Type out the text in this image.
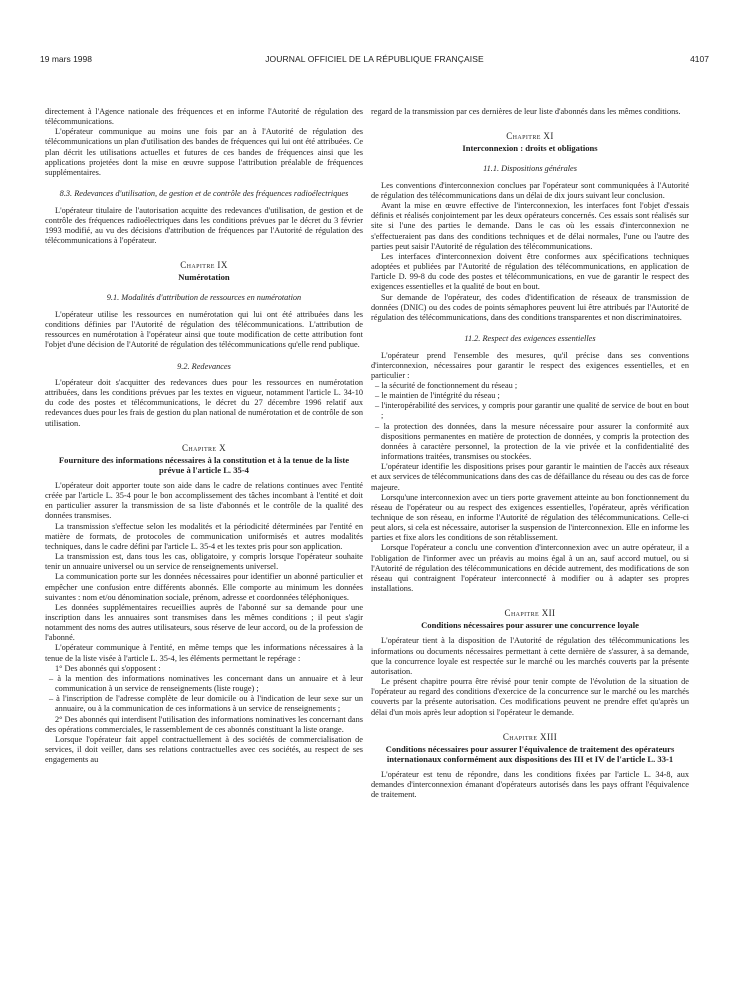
19 mars 1998	JOURNAL OFFICIEL DE LA RÉPUBLIQUE FRANÇAISE	4107

directement à l'Agence nationale des fréquences et en informe l'Autorité de régulation des télécommunications.

L'opérateur communique au moins une fois par an à l'Autorité de régulation des télécommunications un plan d'utilisation des bandes de fréquences qui lui ont été attribuées. Ce plan décrit les utilisations actuelles et futures de ces bandes de fréquences ainsi que les applications projetées dont la mise en œuvre suppose l'attribution préalable de fréquences supplémentaires.

8.3. Redevances d'utilisation, de gestion et de contrôle des fréquences radioélectriques

L'opérateur titulaire de l'autorisation acquitte des redevances d'utilisation, de gestion et de contrôle des fréquences radioélectriques dans les conditions prévues par le décret du 3 février 1993 modifié, au vu des décisions d'attribution de fréquences par l'Autorité de régulation des télécommunications à l'opérateur.

Chapitre IX
Numérotation
9.1. Modalités d'attribution de ressources en numérotation

L'opérateur utilise les ressources en numérotation qui lui ont été attribuées dans les conditions définies par l'Autorité de régulation des télécommunications. L'attribution de ressources en numérotation à l'opérateur ainsi que toute modification de cette attribution font l'objet d'une décision de l'Autorité de régulation des télécommunications qu'elle rend publique.

9.2. Redevances

L'opérateur doit s'acquitter des redevances dues pour les ressources en numérotation attribuées, dans les conditions prévues par les textes en vigueur, notamment l'article L. 34-10 du code des postes et télécommunications, le décret du 27 décembre 1996 relatif aux redevances dues pour les frais de gestion du plan national de numérotation et de contrôle de son utilisation.

Chapitre X
Fourniture des informations nécessaires à la constitution et à la tenue de la liste prévue à l'article L. 35-4

L'opérateur doit apporter toute son aide dans le cadre de relations continues avec l'entité créée par l'article L. 35-4 pour le bon accomplissement des tâches incombant à l'entité et doit en particulier assurer la transmission de sa liste d'abonnés et le contrôle de la qualité des données transmises.

La transmission s'effectue selon les modalités et la périodicité déterminées par l'entité en matière de formats, de protocoles de communication uniformisés et autres modalités techniques, dans le cadre défini par l'article L. 35-4 et les textes pris pour son application.

La transmission est, dans tous les cas, obligatoire, y compris lorsque l'opérateur souhaite tenir un annuaire universel ou un service de renseignements universel.

La communication porte sur les données nécessaires pour identifier un abonné particulier et empêcher une confusion entre différents abonnés. Elle comporte au minimum les données suivantes : nom et/ou dénomination sociale, prénom, adresse et coordonnées téléphoniques.

Les données supplémentaires recueillies auprès de l'abonné sur sa demande pour une inscription dans les annuaires sont transmises dans les mêmes conditions ; il peut s'agir notamment des noms des autres utilisateurs, sous réserve de leur accord, ou de la profession de l'abonné.

L'opérateur communique à l'entité, en même temps que les informations nécessaires à la tenue de la liste visée à l'article L. 35-4, les éléments permettant le repérage :

1° Des abonnés qui s'opposent :

– à la mention des informations nominatives les concernant dans un annuaire et à leur communication à un service de renseignements (liste rouge) ;
– à l'inscription de l'adresse complète de leur domicile ou à l'indication de leur sexe sur un annuaire, ou à la communication de ces informations à un service de renseignements ;

2° Des abonnés qui interdisent l'utilisation des informations nominatives les concernant dans des opérations commerciales, le rassemblement de ces abonnés constituant la liste orange.

Lorsque l'opérateur fait appel contractuellement à des sociétés de commercialisation de services, il doit veiller, dans ses relations contractuelles avec ces sociétés, au respect de ses engagements au

regard de la transmission par ces dernières de leur liste d'abonnés dans les mêmes conditions.

Chapitre XI
Interconnexion : droits et obligations
11.1. Dispositions générales

Les conventions d'interconnexion conclues par l'opérateur sont communiquées à l'Autorité de régulation des télécommunications dans un délai de dix jours suivant leur conclusion.

Avant la mise en œuvre effective de l'interconnexion, les interfaces font l'objet d'essais définis et réalisés conjointement par les deux opérateurs concernés. Ces essais sont réalisés sur site si l'une des parties le demande. Dans le cas où les essais d'interconnexion ne s'effectueraient pas dans des conditions techniques et de délai normales, l'une ou l'autre des parties peut saisir l'Autorité de régulation des télécommunications.

Les interfaces d'interconnexion doivent être conformes aux spécifications techniques adoptées et publiées par l'Autorité de régulation des télécommunications, en application de l'article D. 99-8 du code des postes et télécommunications, en vue de garantir le respect des exigences essentielles et la qualité de bout en bout.

Sur demande de l'opérateur, des codes d'identification de réseaux de transmission de données (DNIC) ou des codes de points sémaphores peuvent lui être attribués par l'Autorité de régulation des télécommunications, dans des conditions transparentes et non discriminatoires.

11.2. Respect des exigences essentielles

L'opérateur prend l'ensemble des mesures, qu'il précise dans ses conventions d'interconnexion, nécessaires pour garantir le respect des exigences essentielles, et en particulier :

– la sécurité de fonctionnement du réseau ;
– le maintien de l'intégrité du réseau ;
– l'interopérabilité des services, y compris pour garantir une qualité de service de bout en bout ;
– la protection des données, dans la mesure nécessaire pour assurer la conformité aux dispositions permanentes en matière de protection de données, y compris la protection des données à caractère personnel, la protection de la vie privée et la confidentialité des informations traitées, transmises ou stockées.

L'opérateur identifie les dispositions prises pour garantir le maintien de l'accès aux réseaux et aux services de télécommunications dans des cas de défaillance du réseau ou des cas de force majeure.

Lorsqu'une interconnexion avec un tiers porte gravement atteinte au bon fonctionnement du réseau de l'opérateur ou au respect des exigences essentielles, l'opérateur, après vérification technique de son réseau, en informe l'Autorité de régulation des télécommunications. Celle-ci peut alors, si cela est nécessaire, autoriser la suspension de l'interconnexion. Elle en informe les parties et fixe alors les conditions de son rétablissement.

Lorsque l'opérateur a conclu une convention d'interconnexion avec un autre opérateur, il a l'obligation de l'informer avec un préavis au moins égal à un an, sauf accord mutuel, ou si l'Autorité de régulation des télécommunications en décide autrement, des modifications de son réseau qui contraignent l'opérateur interconnecté à modifier ou à adapter ses propres installations.

Chapitre XII
Conditions nécessaires pour assurer une concurrence loyale

L'opérateur tient à la disposition de l'Autorité de régulation des télécommunications les informations ou documents nécessaires permettant à cette dernière de s'assurer, à sa demande, que la concurrence loyale est respectée sur le marché ou les marchés couverts par la présente autorisation.

Le présent chapitre pourra être révisé pour tenir compte de l'évolution de la situation de l'opérateur au regard des conditions d'exercice de la concurrence sur le marché ou les marchés couverts par la présente autorisation. Ces modifications peuvent ne prendre effet qu'après un délai d'un mois après leur adoption si l'opérateur le demande.

Chapitre XIII
Conditions nécessaires pour assurer l'équivalence de traitement des opérateurs internationaux conformément aux dispositions des III et IV de l'article L. 33-1

L'opérateur est tenu de répondre, dans les conditions fixées par l'article L. 34-8, aux demandes d'interconnexion émanant d'opérateurs autorisés dans les pays offrant l'équivalence de traitement.
